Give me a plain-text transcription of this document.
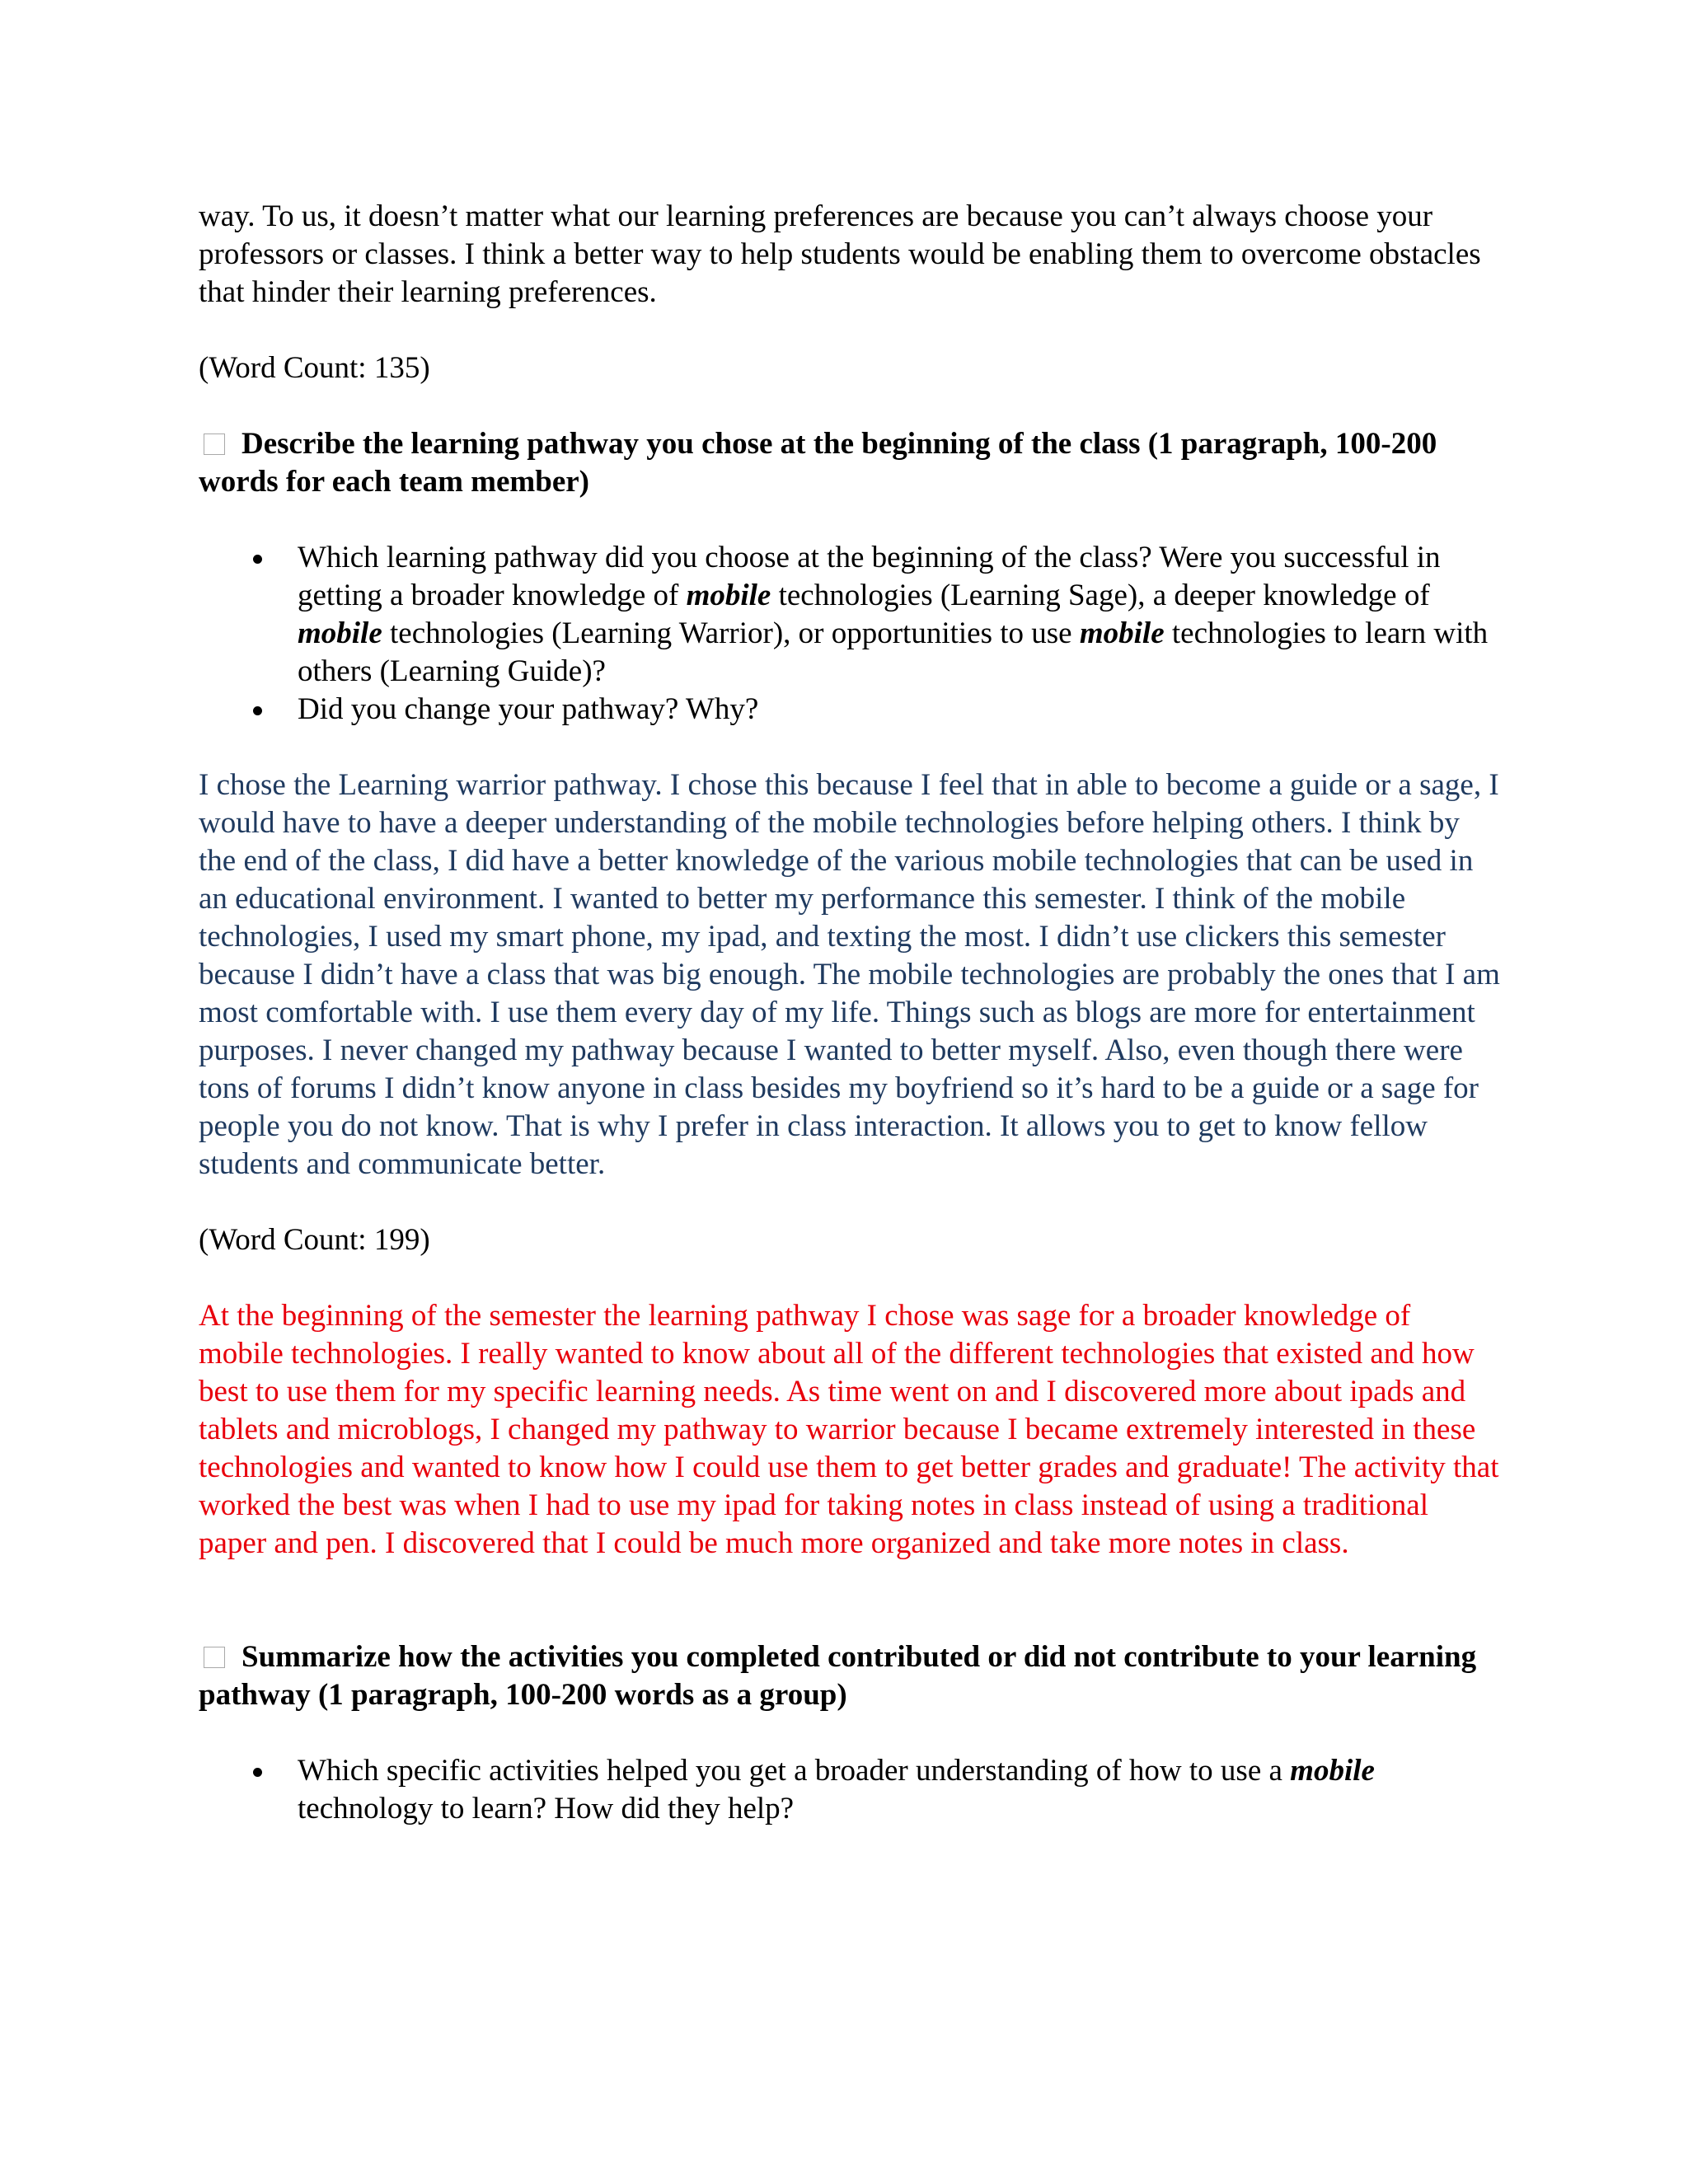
way. To us, it doesn’t matter what our learning preferences are because you can’t always choose your professors or classes. I think a better way to help students would be enabling them to overcome obstacles that hinder their learning preferences.

(Word Count: 135)

Describe the learning pathway you chose at the beginning of the class (1 paragraph, 100-200 words for each team member)

Which learning pathway did you choose at the beginning of the class? Were you successful in getting a broader knowledge of mobile technologies (Learning Sage), a deeper knowledge of mobile technologies (Learning Warrior), or opportunities to use mobile technologies to learn with others (Learning Guide)?
Did you change your pathway? Why?

I chose the Learning warrior pathway. I chose this because I feel that in able to become a guide or a sage, I would have to have a deeper understanding of the mobile technologies before helping others. I think by the end of the class, I did have a better knowledge of the various mobile technologies that can be used in an educational environment. I wanted to better my performance this semester. I think of the mobile technologies, I used my smart phone, my ipad, and texting the most. I didn’t use clickers this semester because I didn’t have a class that was big enough. The mobile technologies are probably the ones that I am most comfortable with. I use them every day of my life. Things such as blogs are more for entertainment purposes. I never changed my pathway because I wanted to better myself. Also, even though there were tons of forums I didn’t know anyone in class besides my boyfriend so it’s hard to be a guide or a sage for people you do not know. That is why I prefer in class interaction. It allows you to get to know fellow students and communicate better.

(Word Count: 199)

At the beginning of the semester the learning pathway I chose was sage for a broader knowledge of mobile technologies. I really wanted to know about all of the different technologies that existed and how best to use them for my specific learning needs. As time went on and I discovered more about ipads and tablets and microblogs, I changed my pathway to warrior because I became extremely interested in these technologies and wanted to know how I could use them to get better grades and graduate! The activity that worked the best was when I had to use my ipad for taking notes in class instead of using a traditional paper and pen. I discovered that I could be much more organized and take more notes in class.

Summarize how the activities you completed contributed or did not contribute to your learning pathway (1 paragraph, 100-200 words as a group)

Which specific activities helped you get a broader understanding of how to use a mobile technology to learn? How did they help?
